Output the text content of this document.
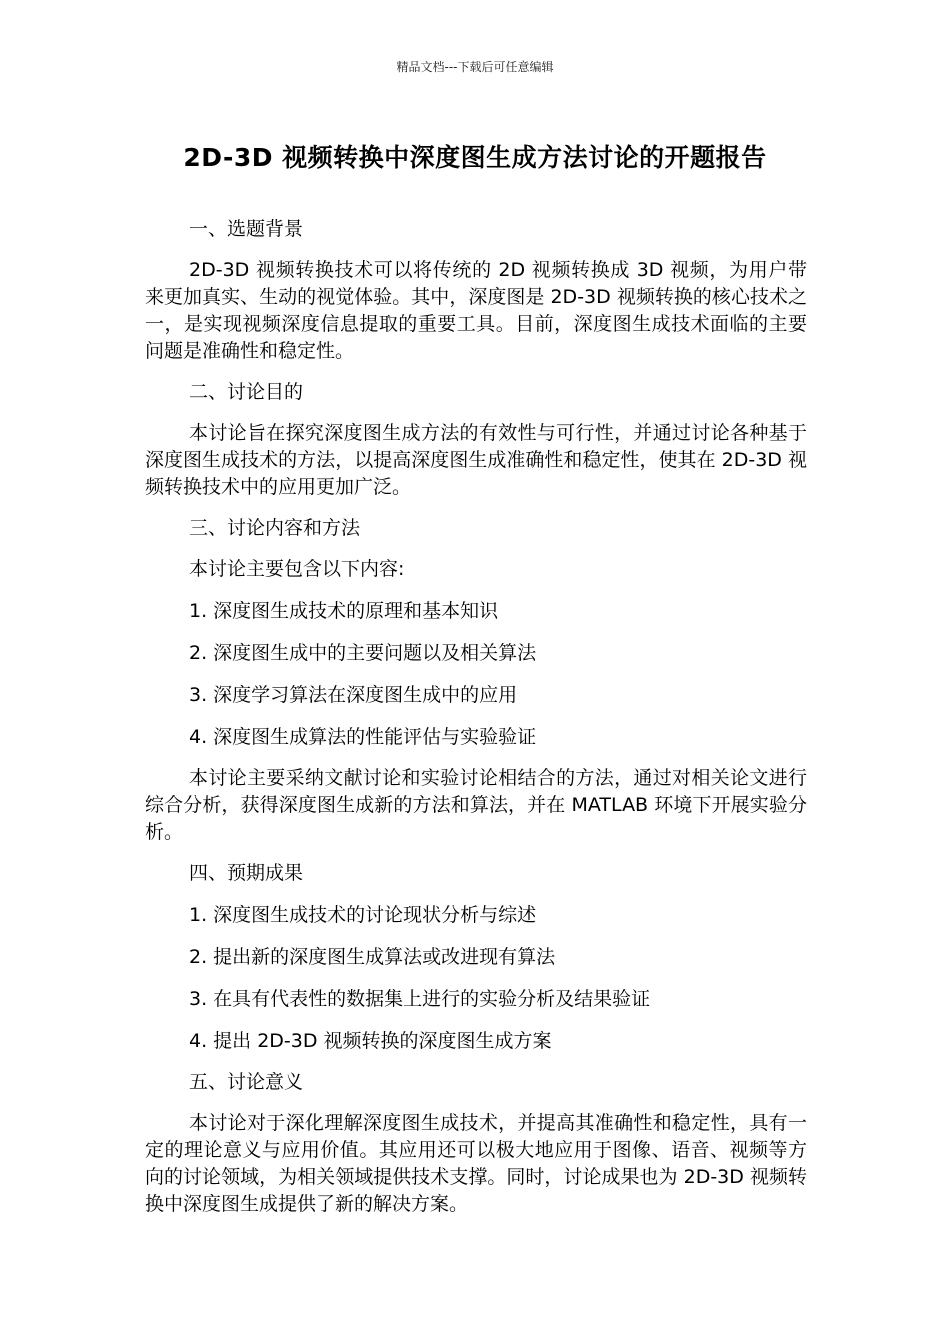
精品文档---下载后可任意编辑
2D-3D 视频转换中深度图生成方法讨论的开题报告

一、选题背景

2D-3D 视频转换技术可以将传统的 2D 视频转换成 3D 视频，为用户带来更加真实、生动的视觉体验。其中，深度图是 2D-3D 视频转换的核心技术之一，是实现视频深度信息提取的重要工具。目前，深度图生成技术面临的主要问题是准确性和稳定性。

二、讨论目的

本讨论旨在探究深度图生成方法的有效性与可行性，并通过讨论各种基于深度图生成技术的方法，以提高深度图生成准确性和稳定性，使其在 2D-3D 视频转换技术中的应用更加广泛。

三、讨论内容和方法

本讨论主要包含以下内容:

1. 深度图生成技术的原理和基本知识

2. 深度图生成中的主要问题以及相关算法

3. 深度学习算法在深度图生成中的应用

4. 深度图生成算法的性能评估与实验验证

本讨论主要采纳文献讨论和实验讨论相结合的方法，通过对相关论文进行综合分析，获得深度图生成新的方法和算法，并在 MATLAB 环境下开展实验分析。

四、预期成果

1. 深度图生成技术的讨论现状分析与综述

2. 提出新的深度图生成算法或改进现有算法

3. 在具有代表性的数据集上进行的实验分析及结果验证

4. 提出 2D-3D 视频转换的深度图生成方案

五、讨论意义

本讨论对于深化理解深度图生成技术，并提高其准确性和稳定性，具有一定的理论意义与应用价值。其应用还可以极大地应用于图像、语音、视频等方向的讨论领域，为相关领域提供技术支撑。同时，讨论成果也为 2D-3D 视频转换中深度图生成提供了新的解决方案。
